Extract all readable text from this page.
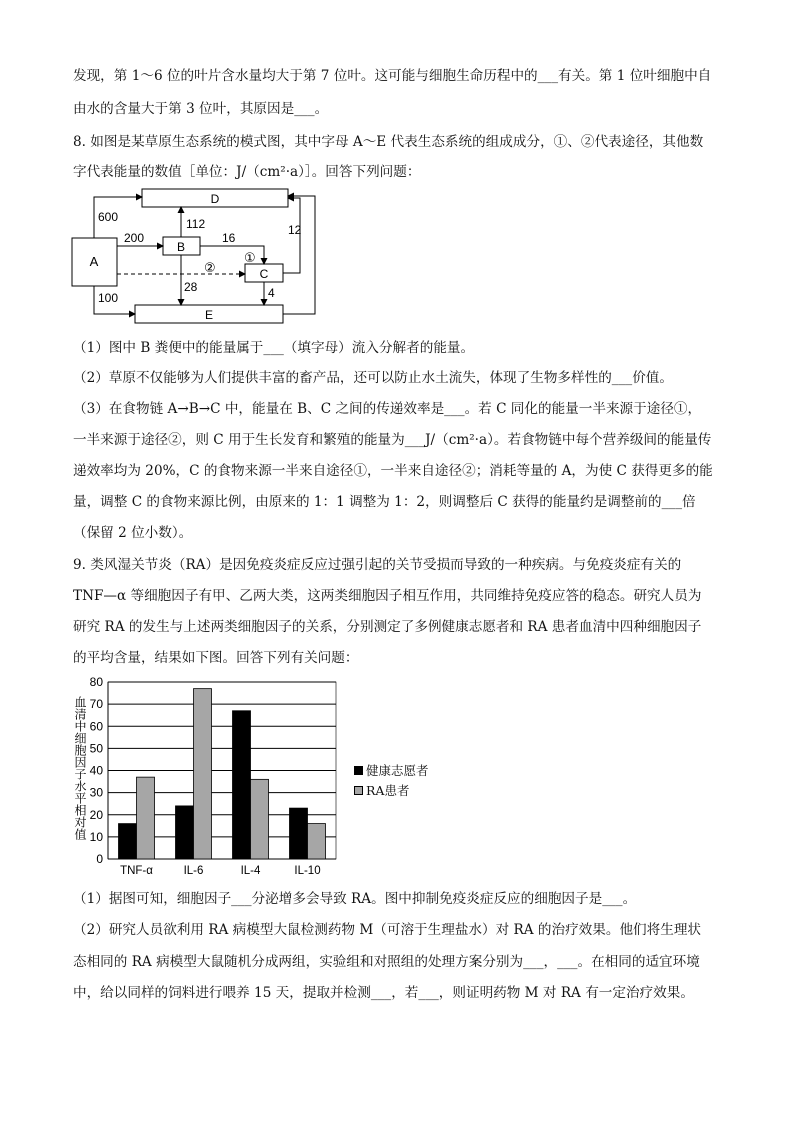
发现，第 1～6 位的叶片含水量均大于第 7 位叶。这可能与细胞生命历程中的___有关。第 1 位叶细胞中自
由水的含量大于第 3 位叶，其原因是___。
8. 如图是某草原生态系统的模式图，其中字母 A～E 代表生态系统的组成成分，①、②代表途径，其他数
字代表能量的数值［单位：J/（cm²·a）］。回答下列问题：
D
A
B
C
E
600
200
112
16
12
28	4
100
①
②
（1）图中 B 粪便中的能量属于___（填字母）流入分解者的能量。
（2）草原不仅能够为人们提供丰富的畜产品，还可以防止水土流失，体现了生物多样性的___价值。
（3）在食物链 A→B→C 中，能量在 B、C 之间的传递效率是___。若 C 同化的能量一半来源于途径①，
一半来源于途径②，则 C 用于生长发育和繁殖的能量为___J/（cm²·a）。若食物链中每个营养级间的能量传
递效率均为 20%，C 的食物来源一半来自途径①，一半来自途径②；消耗等量的 A，为使 C 获得更多的能
量，调整 C 的食物来源比例，由原来的 1：1 调整为 1：2，则调整后 C 获得的能量约是调整前的___倍
（保留 2 位小数）。
9. 类风湿关节炎（RA）是因免疫炎症反应过强引起的关节受损而导致的一种疾病。与免疫炎症有关的
TNF—α 等细胞因子有甲、乙两大类，这两类细胞因子相互作用，共同维持免疫应答的稳态。研究人员为
研究 RA 的发生与上述两类细胞因子的关系，分别测定了多例健康志愿者和 RA 患者血清中四种细胞因子
的平均含量，结果如下图。回答下列有关问题：
血清中细胞因子水平相对值
0
10
20
30
40
50
60
70
80
TNF-α	IL-6	IL-4	IL-10
健康志愿者
RA患者
（1）据图可知，细胞因子___分泌增多会导致 RA。图中抑制免疫炎症反应的细胞因子是___。
（2）研究人员欲利用 RA 病模型大鼠检测药物 M（可溶于生理盐水）对 RA 的治疗效果。他们将生理状
态相同的 RA 病模型大鼠随机分成两组，实验组和对照组的处理方案分别为___，___。在相同的适宜环境
中，给以同样的饲料进行喂养 15 天，提取并检测___，若___，则证明药物 M 对 RA 有一定治疗效果。
